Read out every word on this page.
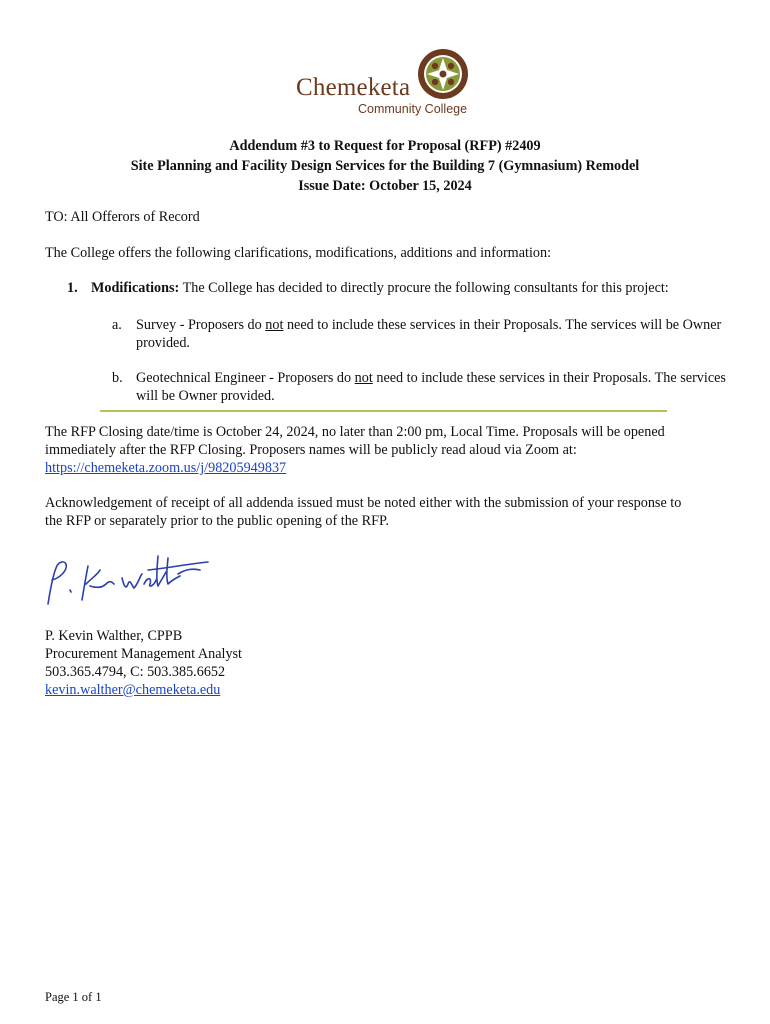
Chemeketa
Community College
Addendum #3 to Request for Proposal (RFP) #2409
Site Planning and Facility Design Services for the Building 7 (Gymnasium) Remodel
Issue Date: October 15, 2024
TO: All Offerors of Record
The College offers the following clarifications, modifications, additions and information:
1. Modifications: The College has decided to directly procure the following consultants for this project:
a. Survey - Proposers do not need to include these services in their Proposals. The services will be Owner provided.
b. Geotechnical Engineer - Proposers do not need to include these services in their Proposals. The services will be Owner provided.
The RFP Closing date/time is October 24, 2024, no later than 2:00 pm, Local Time. Proposals will be opened
immediately after the RFP Closing. Proposers names will be publicly read aloud via Zoom at:
https://chemeketa.zoom.us/j/98205949837
Acknowledgement of receipt of all addenda issued must be noted either with the submission of your response to
the RFP or separately prior to the public opening of the RFP.
P. Kevin Walther, CPPB
Procurement Management Analyst
503.365.4794, C: 503.385.6652
kevin.walther@chemeketa.edu
Page 1 of 1
